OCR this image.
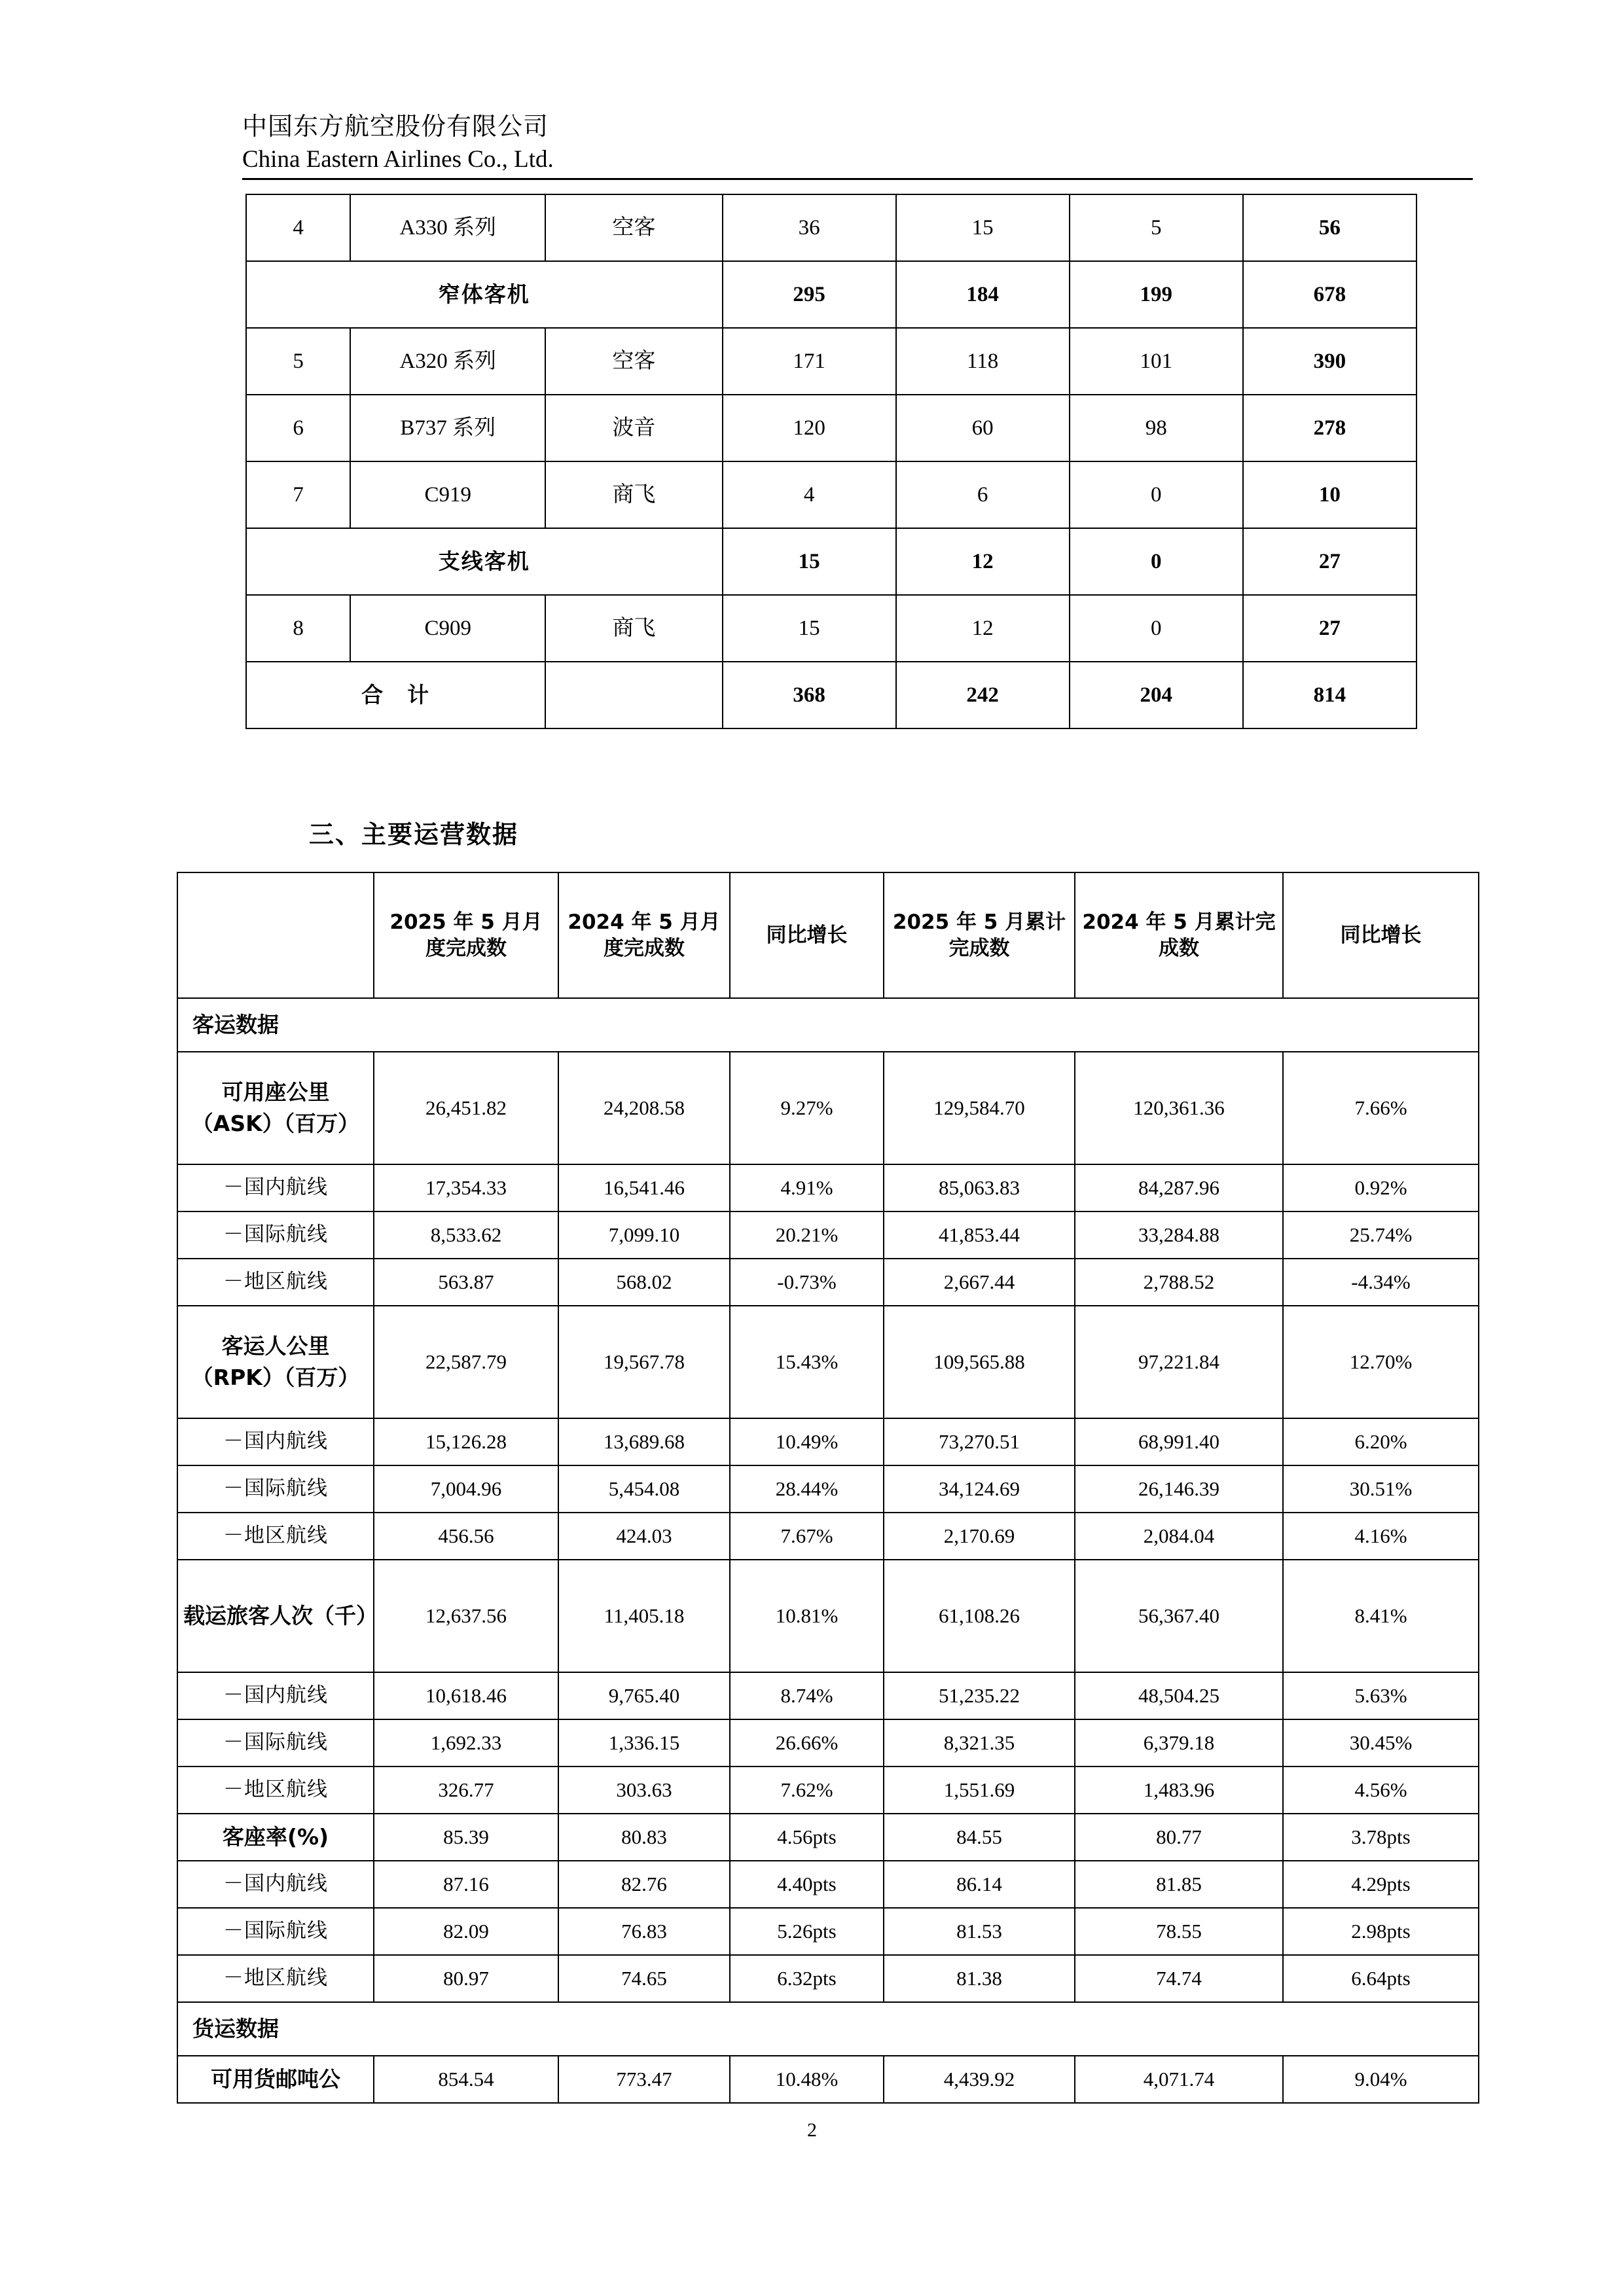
中国东方航空股份有限公司
China Eastern Airlines Co., Ltd.
4	A330 系列	空客	36	15	5	56
窄体客机			295	184	199	678
5	A320 系列	空客	171	118	101	390
6	B737 系列	波音	120	60	98	278
7	C919	商飞	4	6	0	10
支线客机			15	12	0	27
8	C909	商飞	15	12	0	27
合　计			368	242	204	814
三、主要运营数据
	2025 年 5 月月度完成数	2024 年 5 月月度完成数	同比增长	2025 年 5 月累计完成数	2024 年 5 月累计完成数	同比增长
客运数据						
可用座公里（ASK）（百万）	26,451.82	24,208.58	9.27%	129,584.70	120,361.36	7.66%
－国内航线	17,354.33	16,541.46	4.91%	85,063.83	84,287.96	0.92%
－国际航线	8,533.62	7,099.10	20.21%	41,853.44	33,284.88	25.74%
－地区航线	563.87	568.02	-0.73%	2,667.44	2,788.52	-4.34%
客运人公里（RPK）（百万）	22,587.79	19,567.78	15.43%	109,565.88	97,221.84	12.70%
－国内航线	15,126.28	13,689.68	10.49%	73,270.51	68,991.40	6.20%
－国际航线	7,004.96	5,454.08	28.44%	34,124.69	26,146.39	30.51%
－地区航线	456.56	424.03	7.67%	2,170.69	2,084.04	4.16%
载运旅客人次（千）	12,637.56	11,405.18	10.81%	61,108.26	56,367.40	8.41%
－国内航线	10,618.46	9,765.40	8.74%	51,235.22	48,504.25	5.63%
－国际航线	1,692.33	1,336.15	26.66%	8,321.35	6,379.18	30.45%
－地区航线	326.77	303.63	7.62%	1,551.69	1,483.96	4.56%
客座率(%)	85.39	80.83	4.56pts	84.55	80.77	3.78pts
－国内航线	87.16	82.76	4.40pts	86.14	81.85	4.29pts
－国际航线	82.09	76.83	5.26pts	81.53	78.55	2.98pts
－地区航线	80.97	74.65	6.32pts	81.38	74.74	6.64pts
货运数据						
可用货邮吨公	854.54	773.47	10.48%	4,439.92	4,071.74	9.04%
2
